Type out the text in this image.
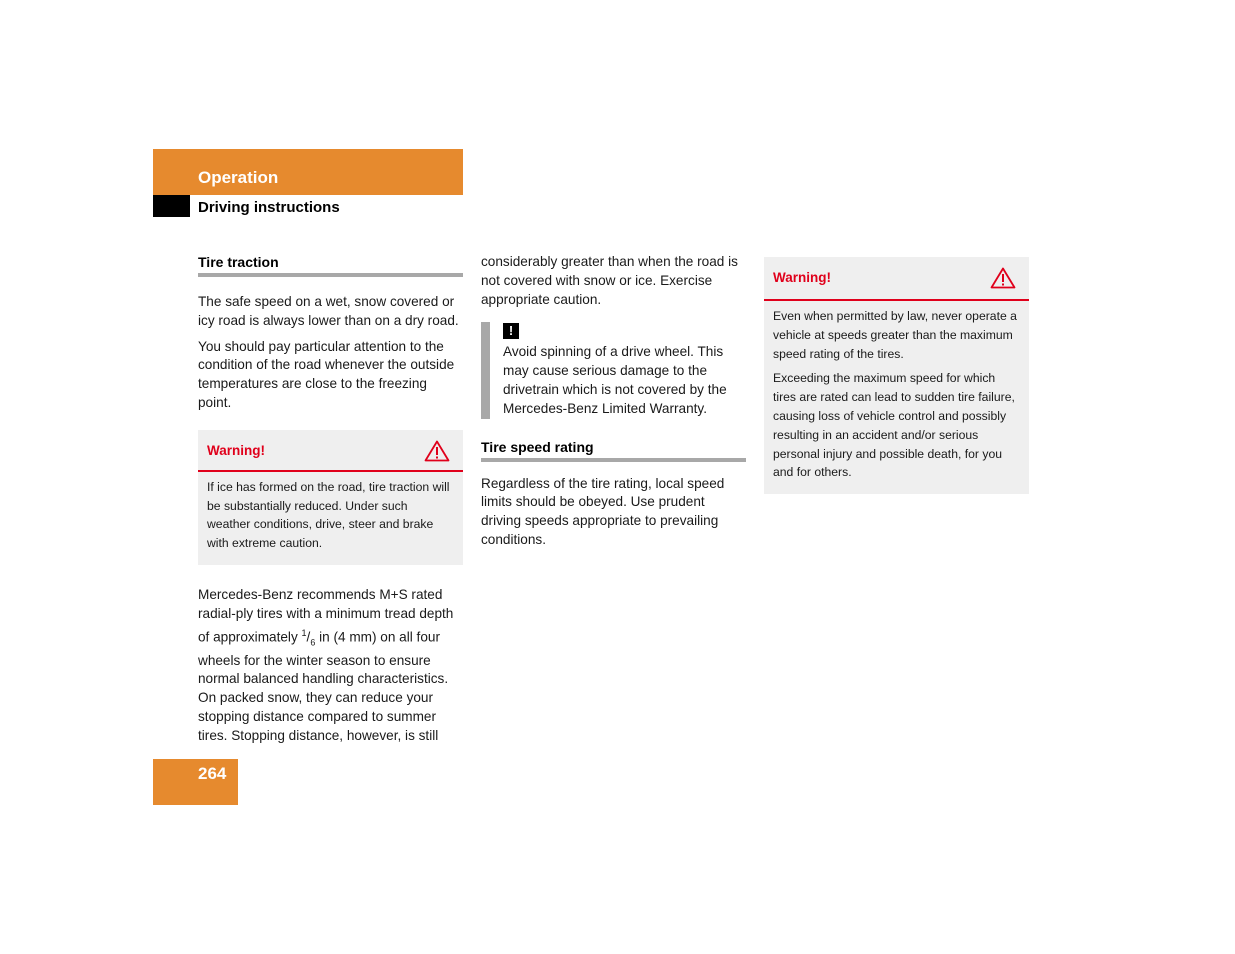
Operation
Driving instructions
Tire traction

The safe speed on a wet, snow covered or icy road is always lower than on a dry road.

You should pay particular attention to the condition of the road whenever the outside temperatures are close to the freezing point.

Warning!

If ice has formed on the road, tire traction will be substantially reduced. Under such weather conditions, drive, steer and brake with extreme caution.

Mercedes-Benz recommends M+S rated radial-ply tires with a minimum tread depth of approximately $^1/_6$ in (4 mm) on all four wheels for the winter season to ensure normal balanced handling characteristics. On packed snow, they can reduce your stopping distance compared to summer tires. Stopping distance, however, is still

considerably greater than when the road is not covered with snow or ice. Exercise appropriate caution.

!

Avoid spinning of a drive wheel. This may cause serious damage to the drivetrain which is not covered by the Mercedes-Benz Limited Warranty.

Tire speed rating

Regardless of the tire rating, local speed limits should be obeyed. Use prudent driving speeds appropriate to prevailing conditions.

Warning!

Even when permitted by law, never operate a vehicle at speeds greater than the maximum speed rating of the tires.

Exceeding the maximum speed for which tires are rated can lead to sudden tire failure, causing loss of vehicle control and possibly resulting in an accident and/or serious personal injury and possible death, for you and for others.

264
